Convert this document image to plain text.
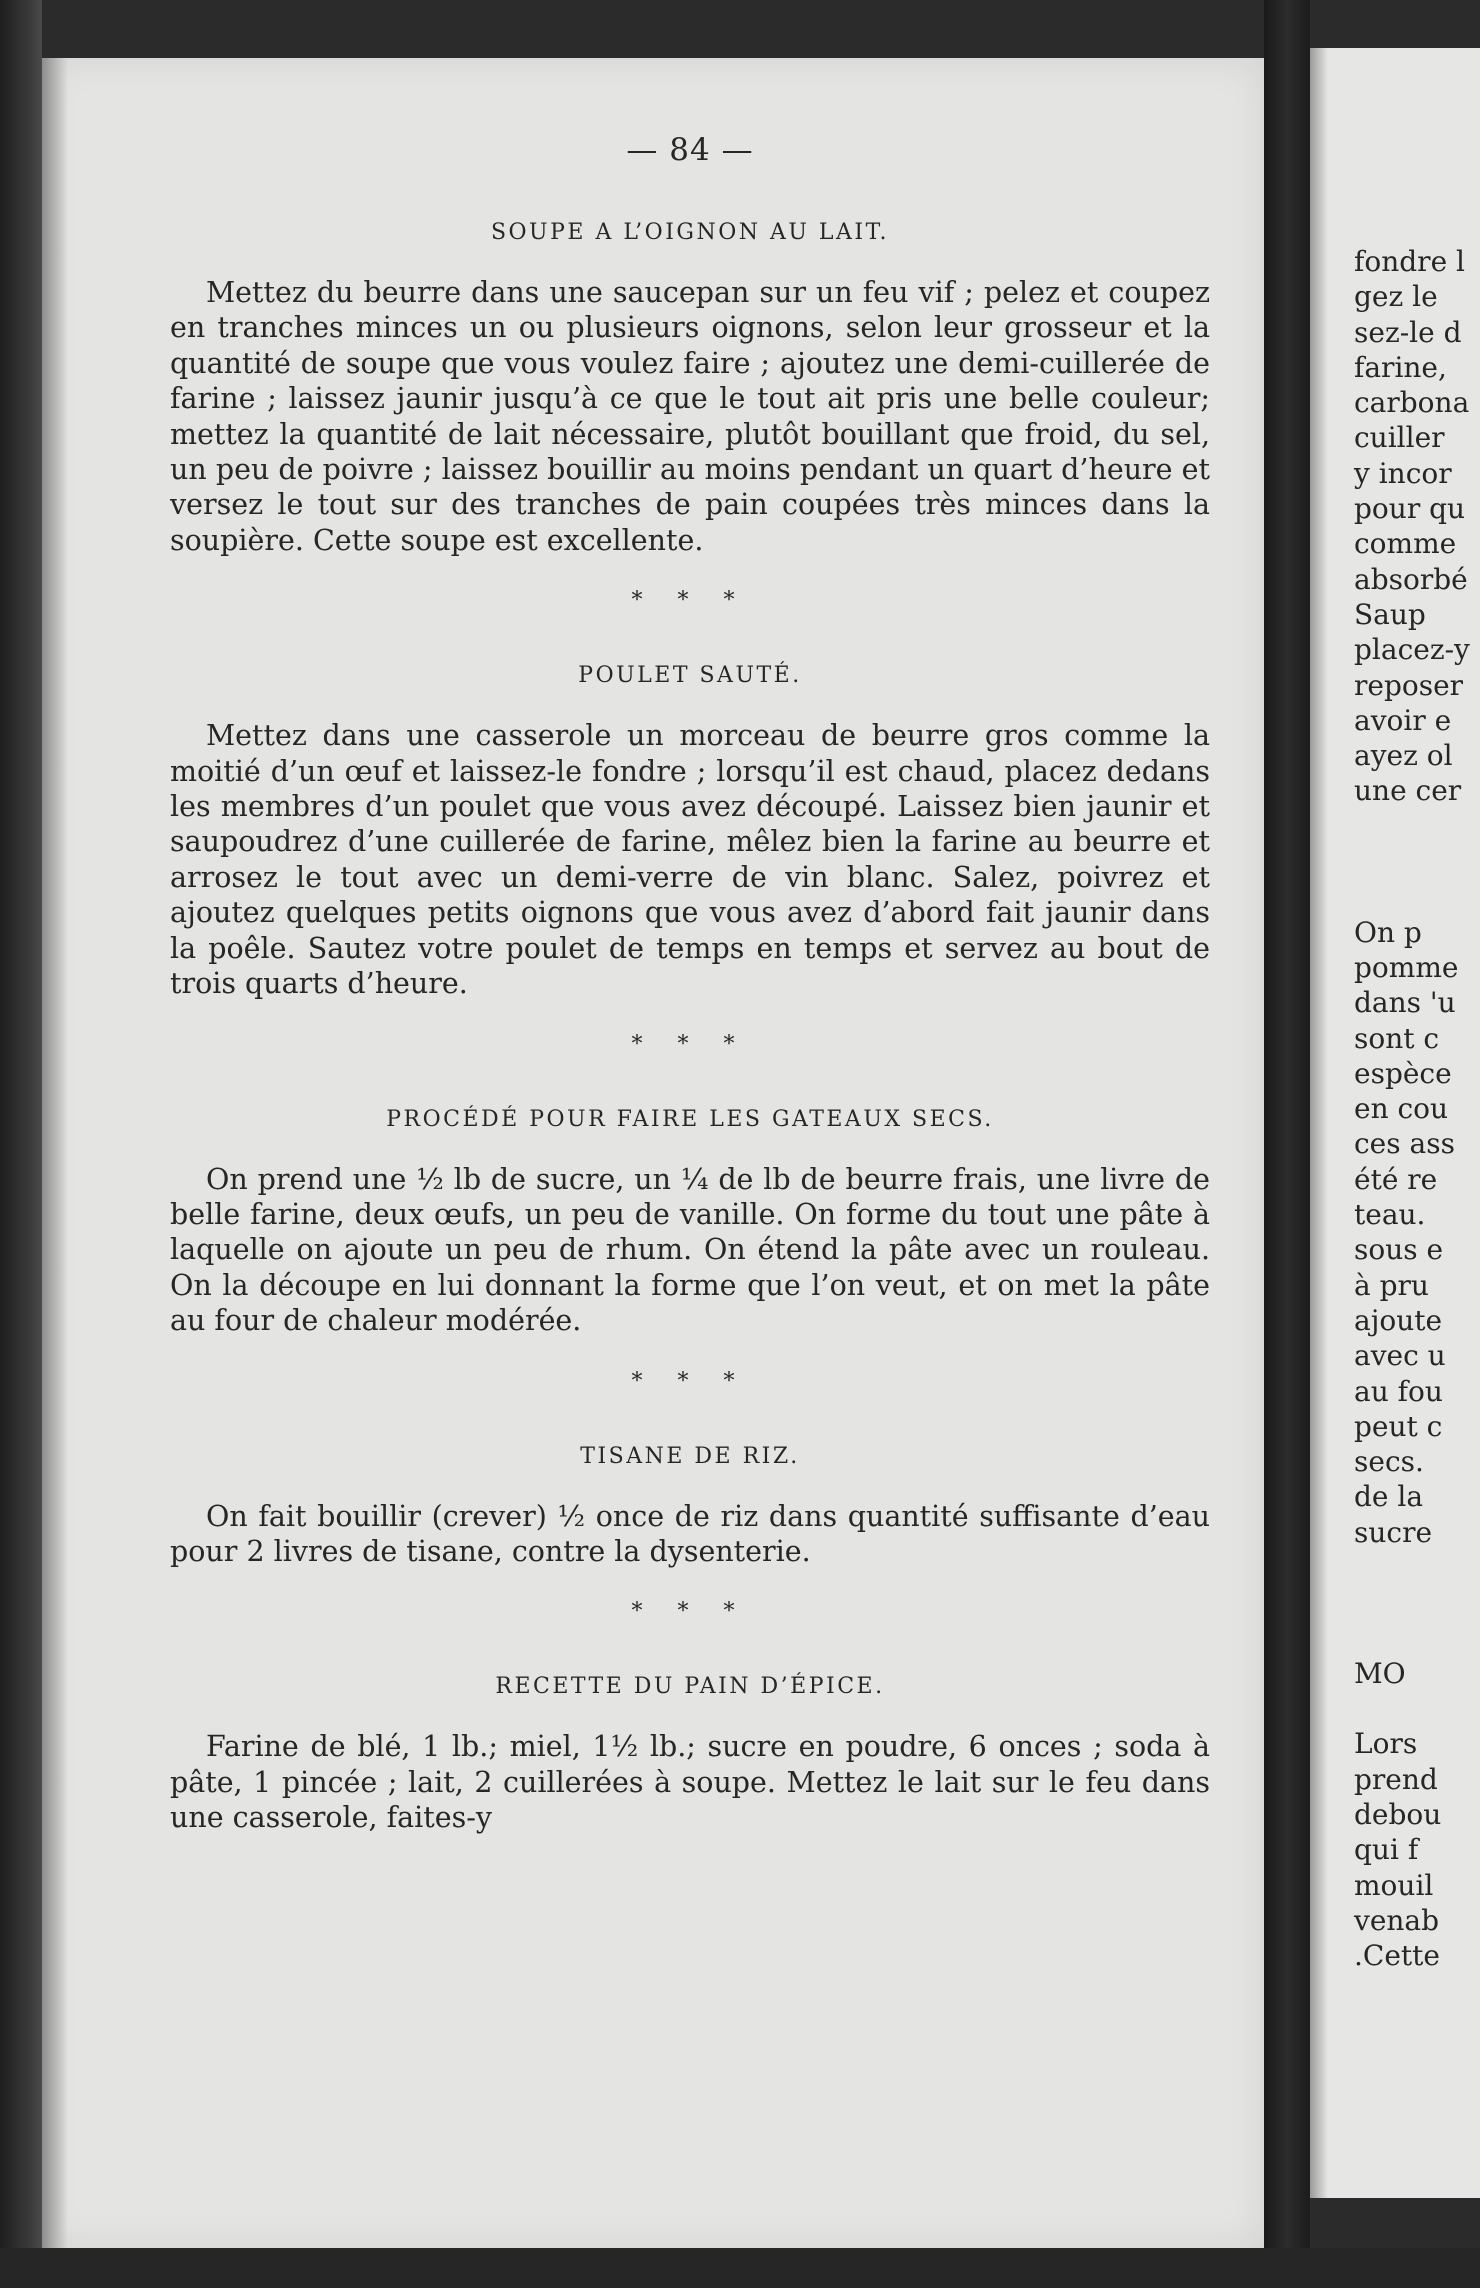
— 84 —
SOUPE A L’OIGNON AU LAIT.

Mettez du beurre dans une saucepan sur un feu vif ; pelez et coupez en tranches minces un ou plusieurs oignons, selon leur grosseur et la quantité de soupe que vous voulez faire ; ajoutez une demi-cuillerée de farine ; laissez jaunir jusqu’à ce que le tout ait pris une belle couleur; mettez la quantité de lait nécessaire, plutôt bouillant que froid, du sel, un peu de poivre ; laissez bouillir au moins pendant un quart d’heure et versez le tout sur des tranches de pain coupées très minces dans la soupière. Cette soupe est excellente.

* * *
POULET SAUTÉ.

Mettez dans une casserole un morceau de beurre gros comme la moitié d’un œuf et laissez-le fondre ; lorsqu’il est chaud, placez dedans les membres d’un poulet que vous avez découpé. Laissez bien jaunir et saupoudrez d’une cuillerée de farine, mêlez bien la farine au beurre et arrosez le tout avec un demi-verre de vin blanc. Salez, poivrez et ajoutez quelques petits oignons que vous avez d’abord fait jaunir dans la poêle. Sautez votre poulet de temps en temps et servez au bout de trois quarts d’heure.

* * *
PROCÉDÉ POUR FAIRE LES GATEAUX SECS.

On prend une ½ lb de sucre, un ¼ de lb de beurre frais, une livre de belle farine, deux œufs, un peu de vanille. On forme du tout une pâte à laquelle on ajoute un peu de rhum. On étend la pâte avec un rouleau. On la découpe en lui donnant la forme que l’on veut, et on met la pâte au four de chaleur modérée.

* * *
TISANE DE RIZ.

On fait bouillir (crever) ½ once de riz dans quantité suffisante d’eau pour 2 livres de tisane, contre la dysenterie.

* * *
RECETTE DU PAIN D’ÉPICE.

Farine de blé, 1 lb.; miel, 1½ lb.; sucre en poudre, 6 onces ; soda à pâte, 1 pincée ; lait, 2 cuillerées à soupe. Mettez le lait sur le feu dans une casserole, faites-y

fondre l
gez le
sez-le d
farine,
carbona
cuiller
y incor
pour qu
comme
absorbé
Saup
placez-y
reposer
avoir e
ayez ol
une cer
On p
pomme
dans 'u
sont c
espèce
en cou
ces ass
été re
teau.
sous e
à pru
ajoute
avec u
au fou
peut c
secs.
de la
sucre
MO
Lors
prend
debou
qui f
mouil
venab
.Cette
